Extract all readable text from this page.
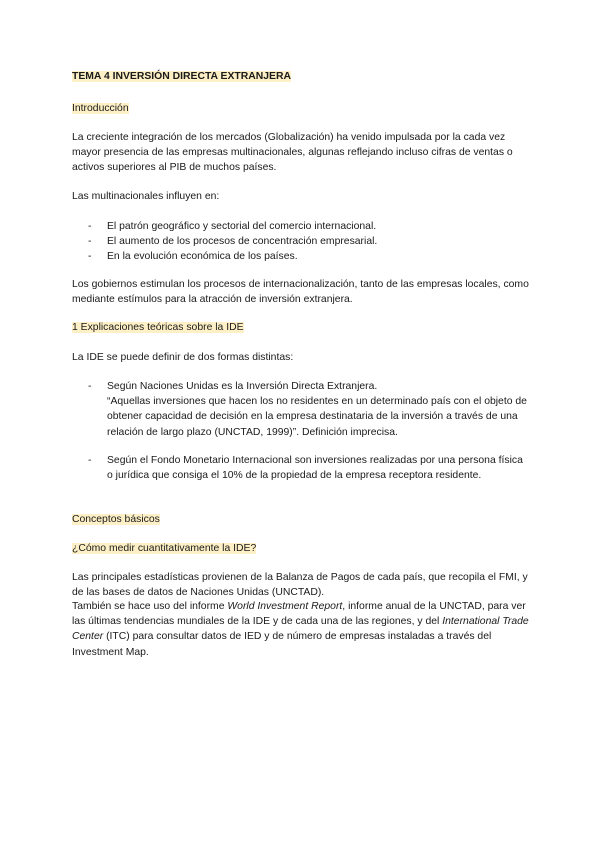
TEMA 4 INVERSIÓN DIRECTA EXTRANJERA

Introducción

La creciente integración de los mercados (Globalización) ha venido impulsada por la cada vez mayor presencia de las empresas multinacionales, algunas reflejando incluso cifras de ventas o activos superiores al PIB de muchos países.

Las multinacionales influyen en:

- El patrón geográfico y sectorial del comercio internacional.
- El aumento de los procesos de concentración empresarial.
- En la evolución económica de los países.

Los gobiernos estimulan los procesos de internacionalización, tanto de las empresas locales, como mediante estímulos para la atracción de inversión extranjera.

1 Explicaciones teóricas sobre la IDE

La IDE se puede definir de dos formas distintas:

- Según Naciones Unidas es la Inversión Directa Extranjera.
“Aquellas inversiones que hacen los no residentes en un determinado país con el objeto de obtener capacidad de decisión en la empresa destinataria de la inversión a través de una relación de largo plazo (UNCTAD, 1999)”. Definición imprecisa.
- Según el Fondo Monetario Internacional son inversiones realizadas por una persona física o jurídica que consiga el 10% de la propiedad de la empresa receptora residente.

Conceptos básicos

¿Cómo medir cuantitativamente la IDE?

Las principales estadísticas provienen de la Balanza de Pagos de cada país, que recopila el FMI, y de las bases de datos de Naciones Unidas (UNCTAD).

También se hace uso del informe World Investment Report, informe anual de la UNCTAD, para ver las últimas tendencias mundiales de la IDE y de cada una de las regiones, y del International Trade Center (ITC) para consultar datos de IED y de número de empresas instaladas a través del Investment Map.
